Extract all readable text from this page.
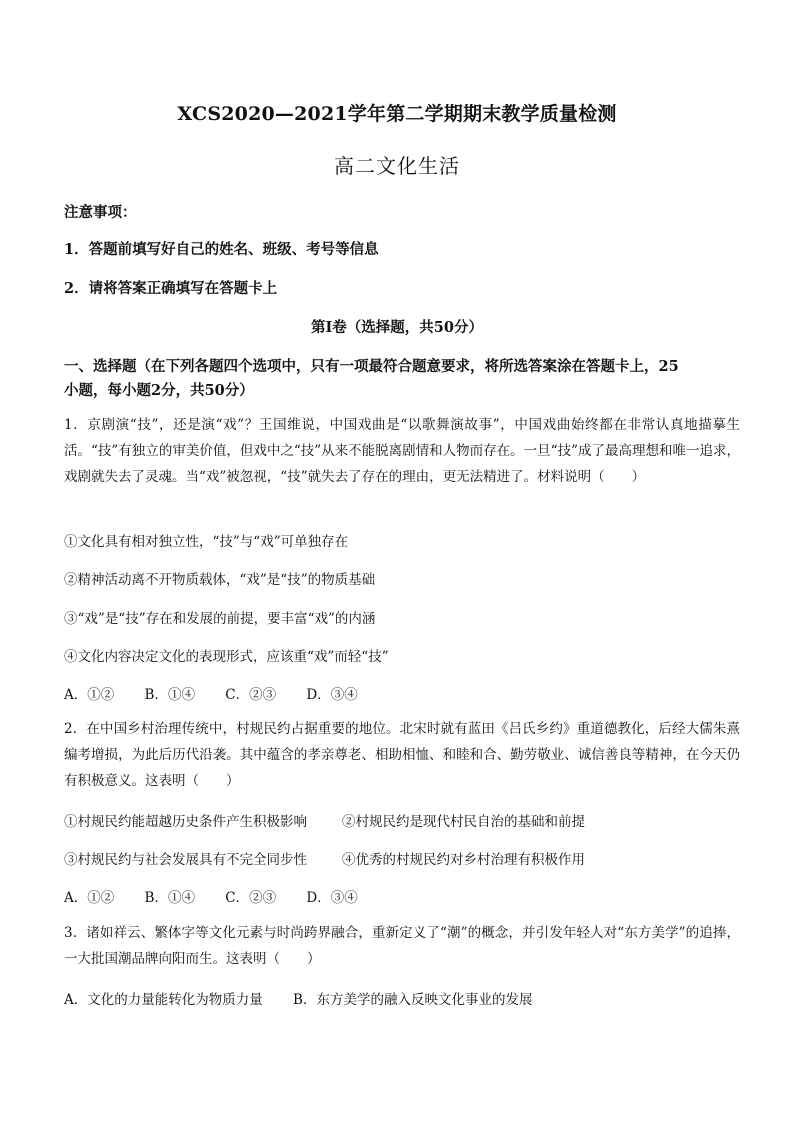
XCS2020—2021学年第二学期期末教学质量检测
高二文化生活

注意事项：

1．答题前填写好自己的姓名、班级、考号等信息

2．请将答案正确填写在答题卡上

第I卷（选择题，共50分）

一、选择题（在下列各题四个选项中，只有一项最符合题意要求，将所选答案涂在答题卡上，25

小题，每小题2分，共50分）

1．京剧演“技”，还是演“戏”？王国维说，中国戏曲是“以歌舞演故事”，中国戏曲始终都在非常认真地描摹生活。“技”有独立的审美价值，但戏中之“技”从来不能脱离剧情和人物而存在。一旦“技”成了最高理想和唯一追求，戏剧就失去了灵魂。当“戏”被忽视，“技”就失去了存在的理由，更无法精进了。材料说明（　　）

①文化具有相对独立性，“技”与“戏”可单独存在

②精神活动离不开物质载体，“戏”是“技”的物质基础

③“戏”是“技”存在和发展的前提，要丰富“戏”的内涵

④文化内容决定文化的表现形式，应该重“戏”而轻“技”

A．①② B．①④ C．②③ D．③④

2．在中国乡村治理传统中，村规民约占据重要的地位。北宋时就有蓝田《吕氏乡约》重道德教化，后经大儒朱熹编考增损，为此后历代沿袭。其中蕴含的孝亲尊老、相助相恤、和睦和合、勤劳敬业、诚信善良等精神，在今天仍有积极意义。这表明（　　）

①村规民约能超越历史条件产生积极影响	②村规民约是现代村民自治的基础和前提

③村规民约与社会发展具有不完全同步性	④优秀的村规民约对乡村治理有积极作用

A．①② B．①④ C．②③ D．③④

3．诸如祥云、繁体字等文化元素与时尚跨界融合，重新定义了“潮”的概念，并引发年轻人对“东方美学”的追捧，一大批国潮品牌向阳而生。这表明（　　）

A．文化的力量能转化为物质力量 B．东方美学的融入反映文化事业的发展
